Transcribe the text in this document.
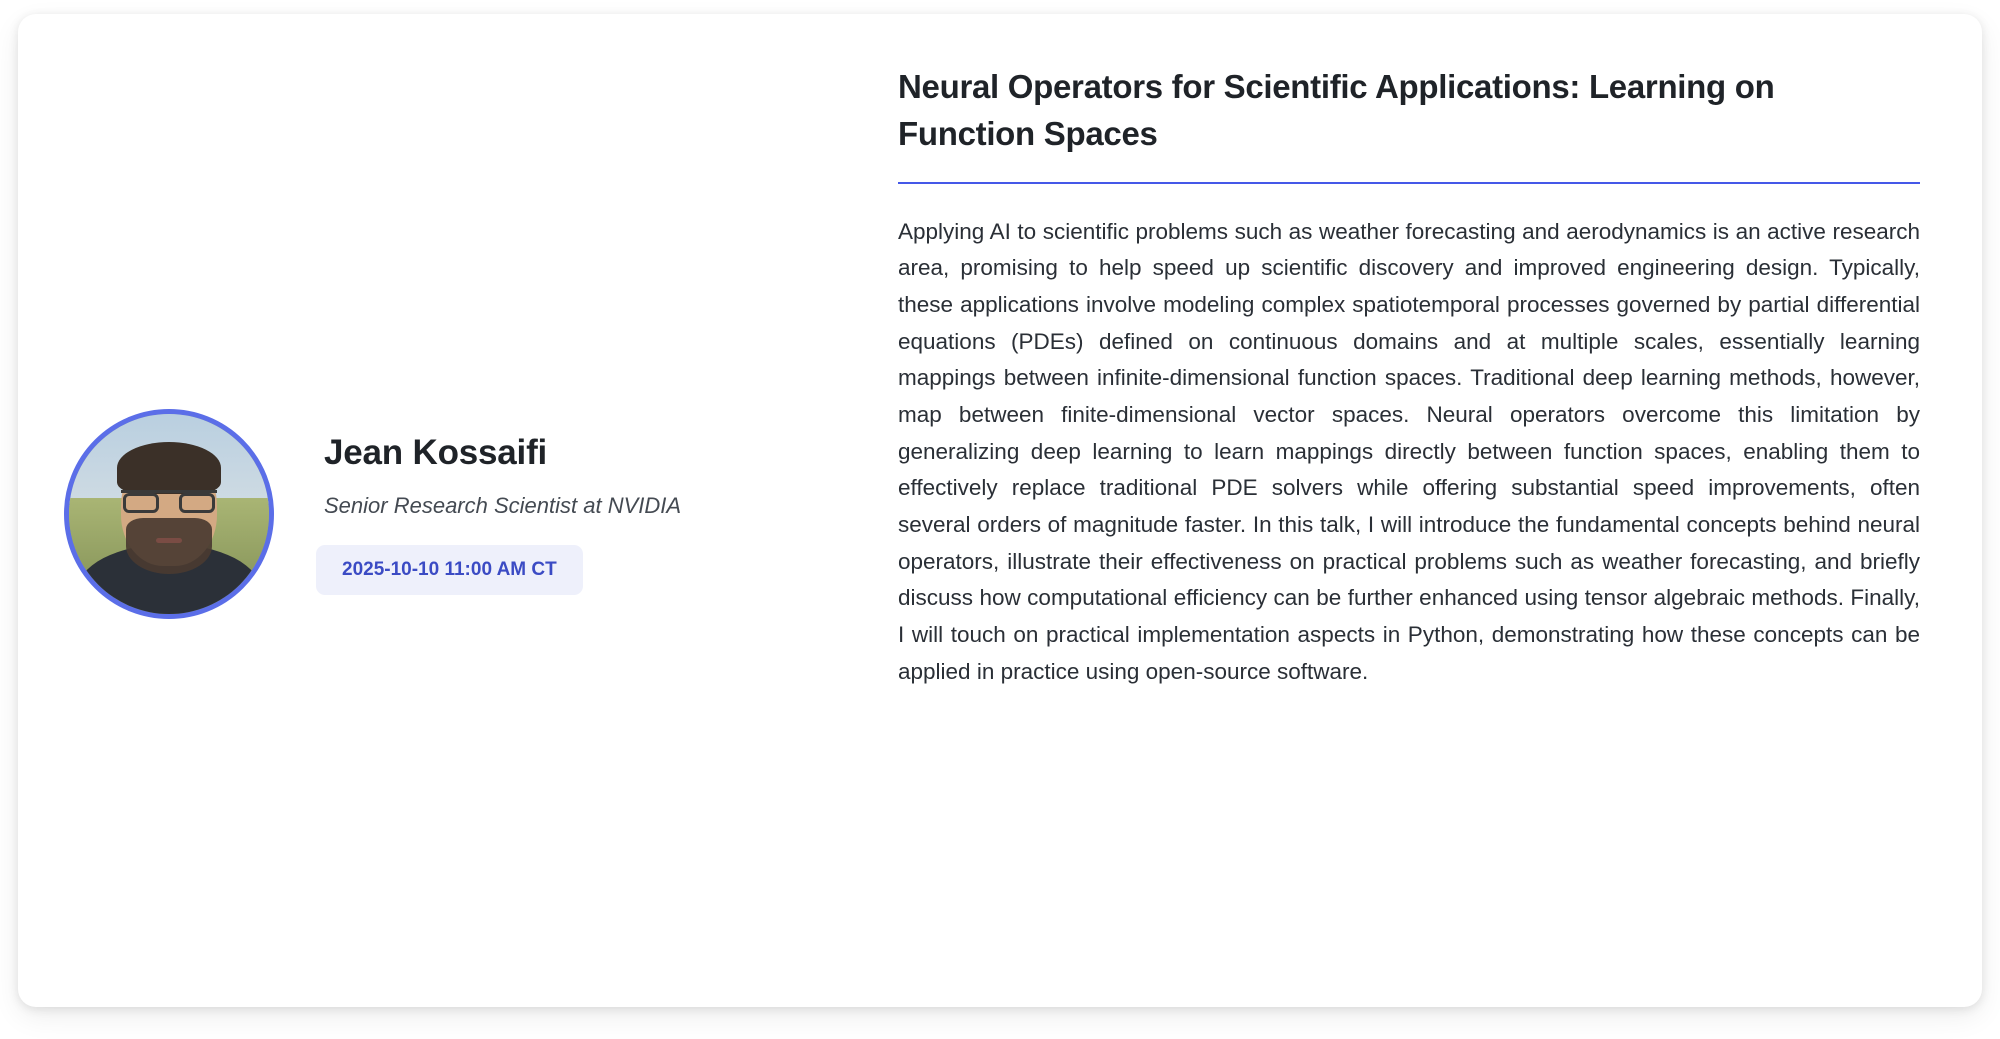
Jean Kossaifi
Senior Research Scientist at NVIDIA
2025-10-10 11:00 AM CT
Neural Operators for Scientific Applications: Learning on Function Spaces

Applying AI to scientific problems such as weather forecasting and aerodynamics is an active research area, promising to help speed up scientific discovery and improved engineering design. Typically, these applications involve modeling complex spatiotemporal processes governed by partial differential equations (PDEs) defined on continuous domains and at multiple scales, essentially learning mappings between infinite-dimensional function spaces. Traditional deep learning methods, however, map between finite-dimensional vector spaces. Neural operators overcome this limitation by generalizing deep learning to learn mappings directly between function spaces, enabling them to effectively replace traditional PDE solvers while offering substantial speed improvements, often several orders of magnitude faster. In this talk, I will introduce the fundamental concepts behind neural operators, illustrate their effectiveness on practical problems such as weather forecasting, and briefly discuss how computational efficiency can be further enhanced using tensor algebraic methods. Finally, I will touch on practical implementation aspects in Python, demonstrating how these concepts can be applied in practice using open-source software.
